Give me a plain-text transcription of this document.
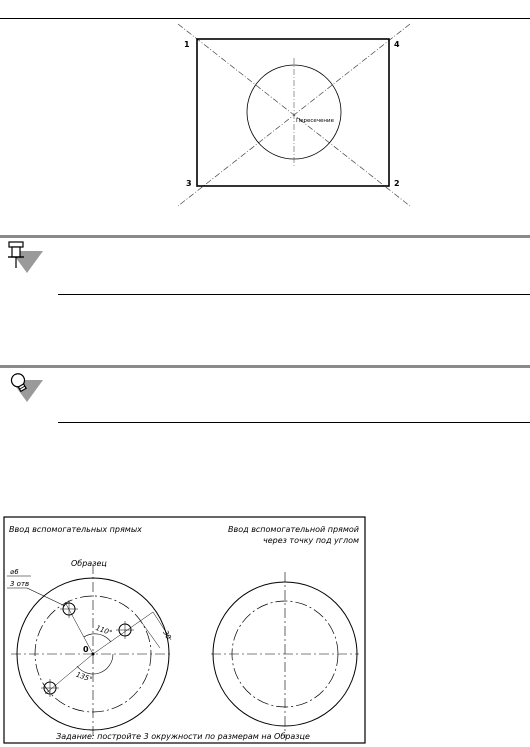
1	4
3	2
Пересечение
Ввод вспомогательных прямых	Ввод вспомогательной прямой
через точку под углом
Образец
⌀6
3 отв
110°
135°
30
0
Задание: постройте 3 окружности по размерам на Образце
